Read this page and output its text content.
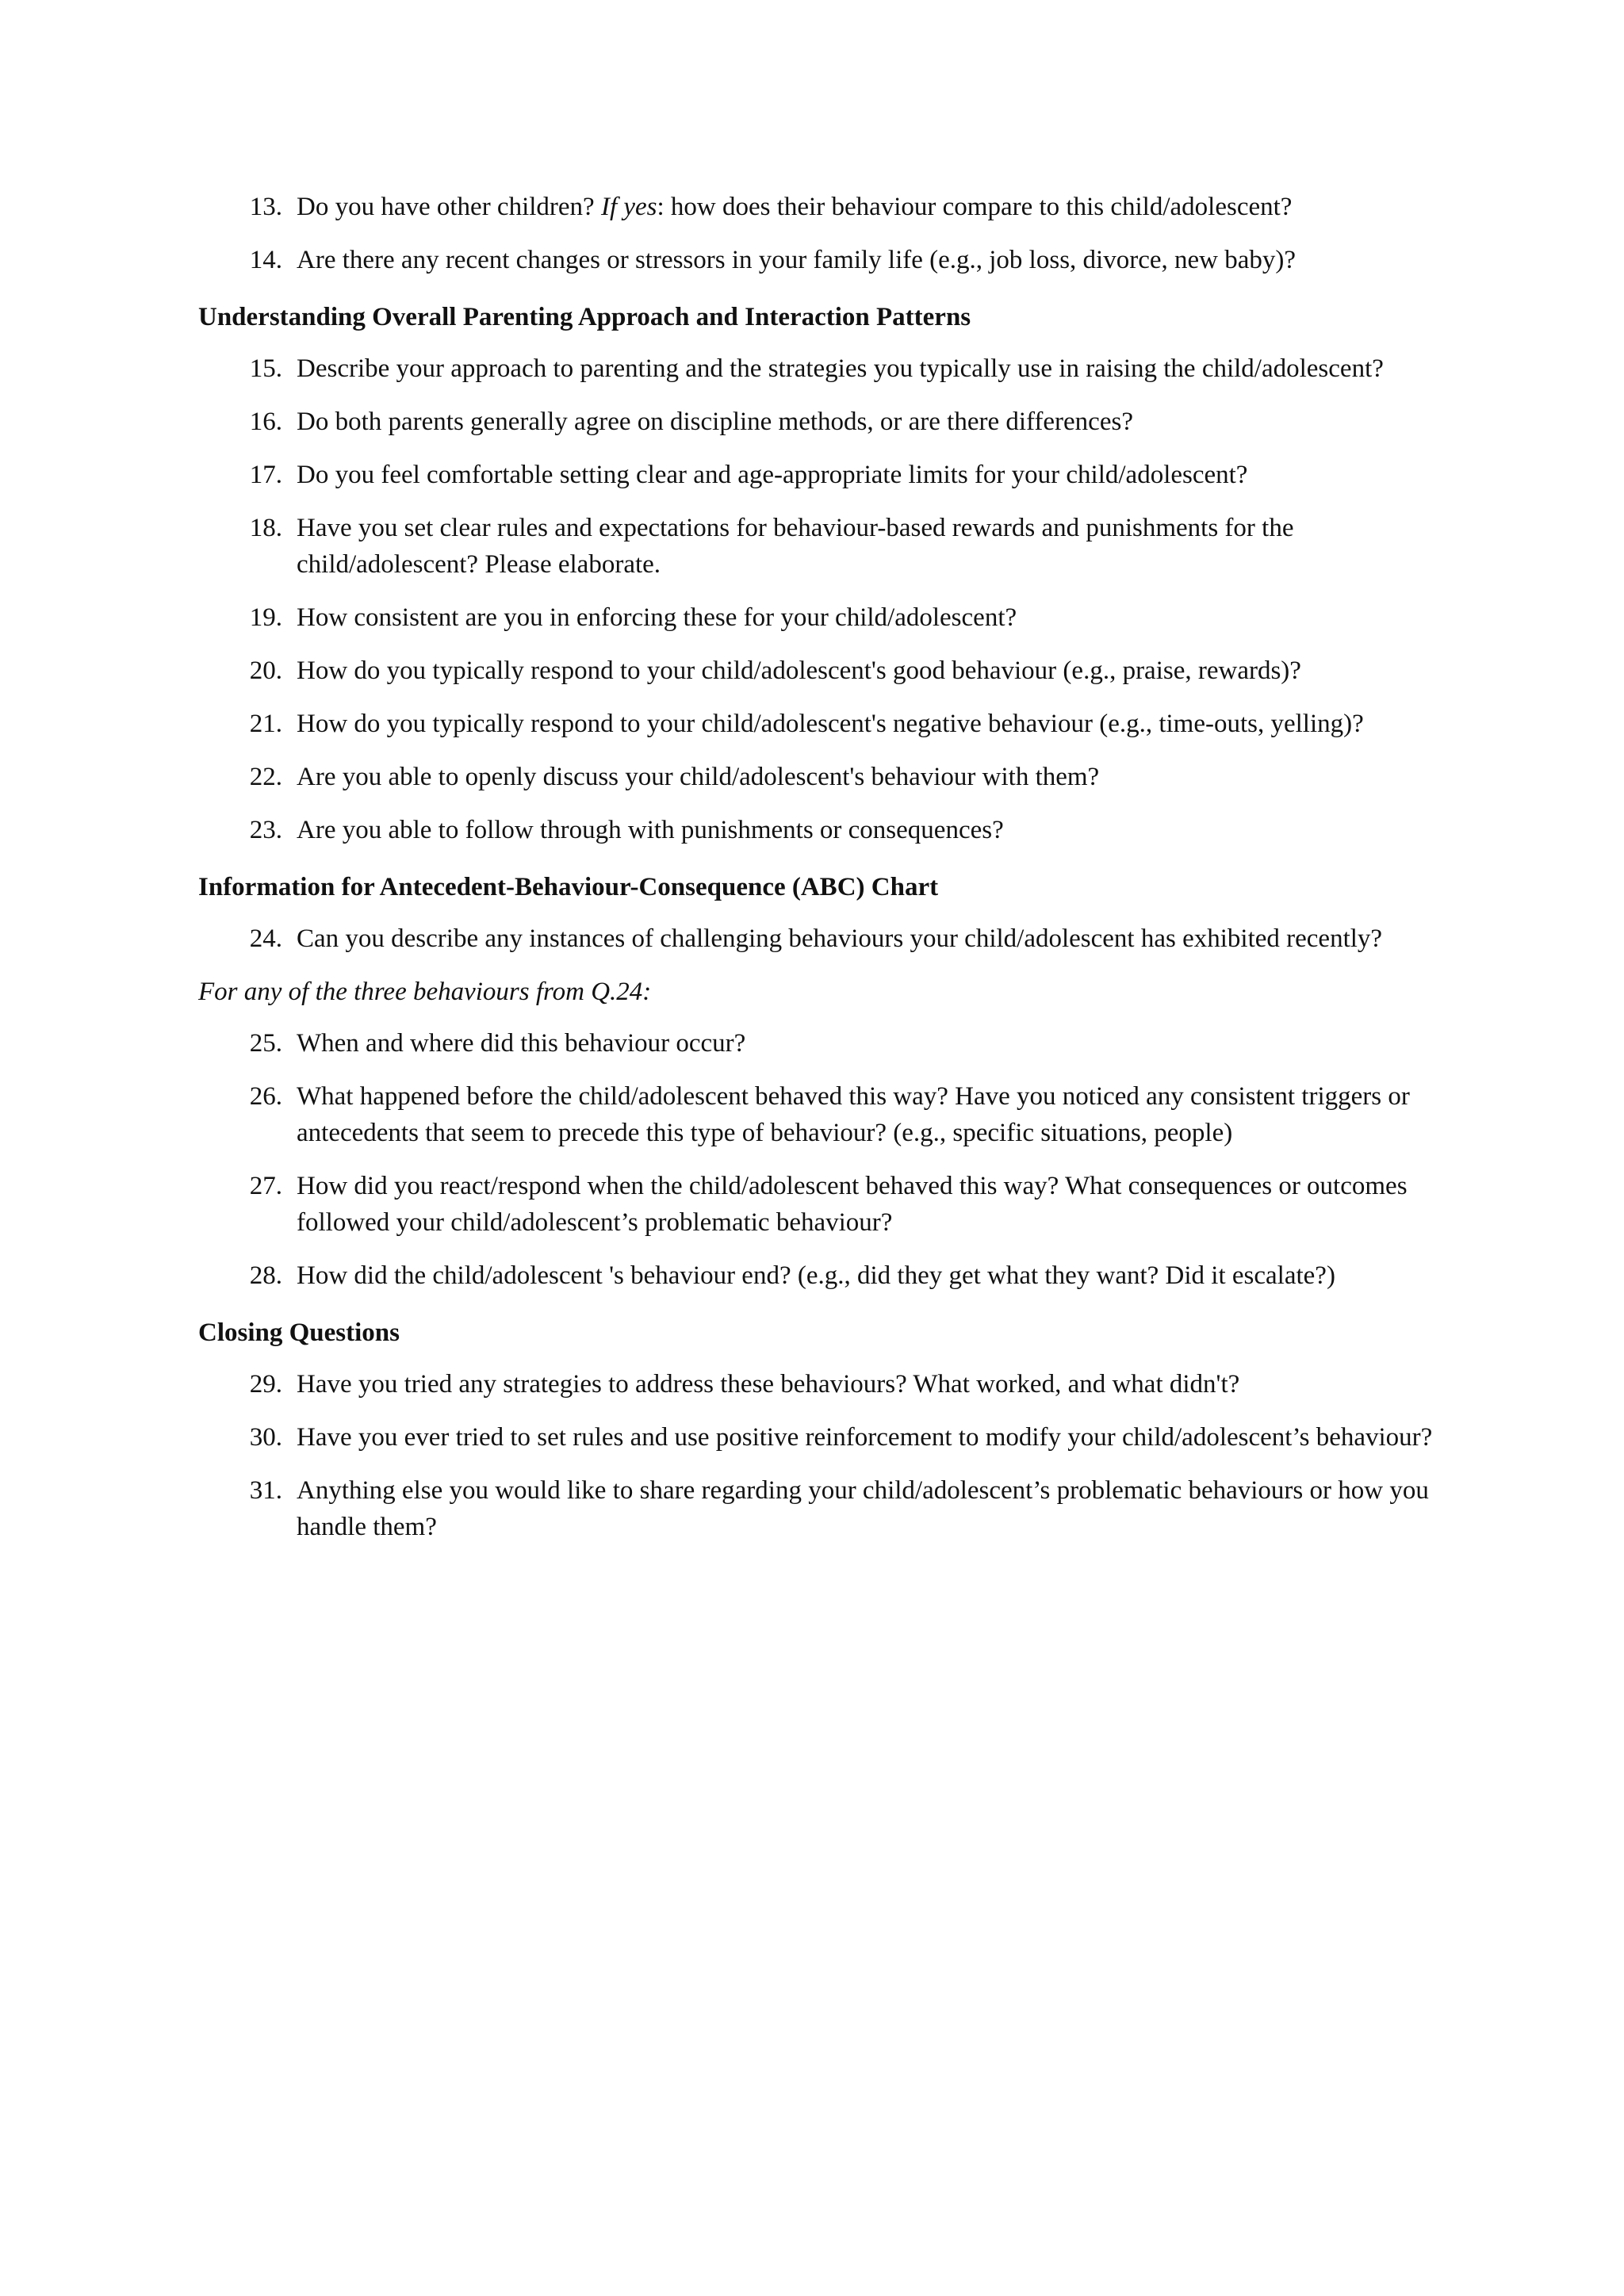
13. Do you have other children? If yes: how does their behaviour compare to this child/adolescent?
14. Are there any recent changes or stressors in your family life (e.g., job loss, divorce, new baby)?
Understanding Overall Parenting Approach and Interaction Patterns
15. Describe your approach to parenting and the strategies you typically use in raising the child/adolescent?
16. Do both parents generally agree on discipline methods, or are there differences?
17. Do you feel comfortable setting clear and age-appropriate limits for your child/adolescent?
18. Have you set clear rules and expectations for behaviour-based rewards and punishments for the child/adolescent? Please elaborate.
19. How consistent are you in enforcing these for your child/adolescent?
20. How do you typically respond to your child/adolescent's good behaviour (e.g., praise, rewards)?
21. How do you typically respond to your child/adolescent's negative behaviour (e.g., time-outs, yelling)?
22. Are you able to openly discuss your child/adolescent's behaviour with them?
23. Are you able to follow through with punishments or consequences?
Information for Antecedent-Behaviour-Consequence (ABC) Chart
24. Can you describe any instances of challenging behaviours your child/adolescent has exhibited recently?
For any of the three behaviours from Q.24:
25. When and where did this behaviour occur?
26. What happened before the child/adolescent behaved this way? Have you noticed any consistent triggers or antecedents that seem to precede this type of behaviour? (e.g., specific situations, people)
27. How did you react/respond when the child/adolescent behaved this way? What consequences or outcomes followed your child/adolescent’s problematic behaviour?
28. How did the child/adolescent 's behaviour end? (e.g., did they get what they want? Did it escalate?)
Closing Questions
29. Have you tried any strategies to address these behaviours? What worked, and what didn't?
30. Have you ever tried to set rules and use positive reinforcement to modify your child/adolescent’s behaviour?
31. Anything else you would like to share regarding your child/adolescent’s problematic behaviours or how you handle them?
